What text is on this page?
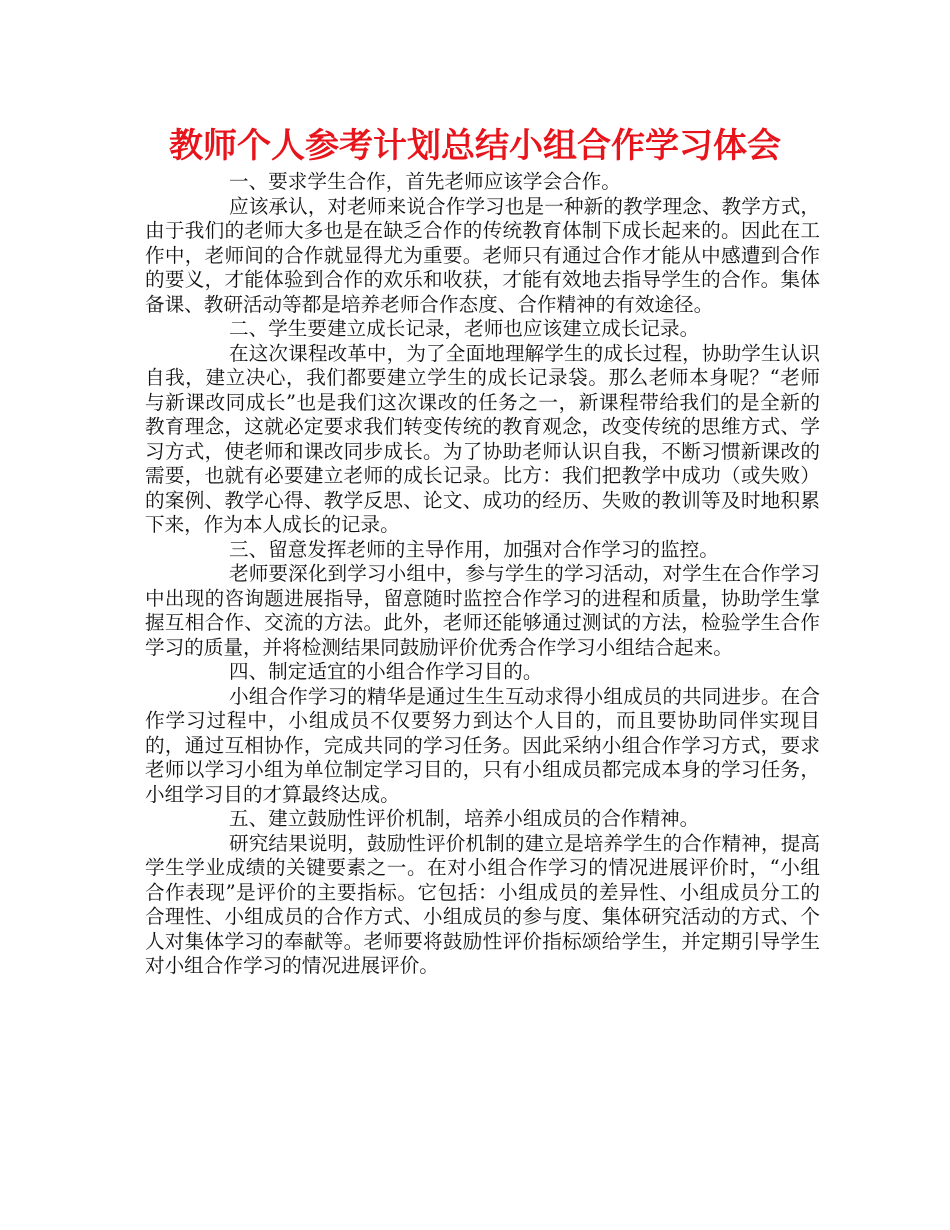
教师个人参考计划总结小组合作学习体会

一、要求学生合作，首先老师应该学会合作。

应该承认，对老师来说合作学习也是一种新的教学理念、教学方式，由于我们的老师大多也是在缺乏合作的传统教育体制下成长起来的。因此在工作中，老师间的合作就显得尤为重要。老师只有通过合作才能从中感遭到合作的要义，才能体验到合作的欢乐和收获，才能有效地去指导学生的合作。集体备课、教研活动等都是培养老师合作态度、合作精神的有效途径。

二、学生要建立成长记录，老师也应该建立成长记录。

在这次课程改革中，为了全面地理解学生的成长过程，协助学生认识自我，建立决心，我们都要建立学生的成长记录袋。那么老师本身呢？“老师与新课改同成长”也是我们这次课改的任务之一，新课程带给我们的是全新的教育理念，这就必定要求我们转变传统的教育观念，改变传统的思维方式、学习方式，使老师和课改同步成长。为了协助老师认识自我，不断习惯新课改的需要，也就有必要建立老师的成长记录。比方：我们把教学中成功（或失败）的案例、教学心得、教学反思、论文、成功的经历、失败的教训等及时地积累下来，作为本人成长的记录。

三、留意发挥老师的主导作用，加强对合作学习的监控。

老师要深化到学习小组中，参与学生的学习活动，对学生在合作学习中出现的咨询题进展指导，留意随时监控合作学习的进程和质量，协助学生掌握互相合作、交流的方法。此外，老师还能够通过测试的方法，检验学生合作学习的质量，并将检测结果同鼓励评价优秀合作学习小组结合起来。

四、制定适宜的小组合作学习目的。

小组合作学习的精华是通过生生互动求得小组成员的共同进步。在合作学习过程中，小组成员不仅要努力到达个人目的，而且要协助同伴实现目的，通过互相协作，完成共同的学习任务。因此采纳小组合作学习方式，要求老师以学习小组为单位制定学习目的，只有小组成员都完成本身的学习任务，小组学习目的才算最终达成。

五、建立鼓励性评价机制，培养小组成员的合作精神。

研究结果说明，鼓励性评价机制的建立是培养学生的合作精神，提高学生学业成绩的关键要素之一。在对小组合作学习的情况进展评价时，“小组合作表现”是评价的主要指标。它包括：小组成员的差异性、小组成员分工的合理性、小组成员的合作方式、小组成员的参与度、集体研究活动的方式、个人对集体学习的奉献等。老师要将鼓励性评价指标颂给学生，并定期引导学生对小组合作学习的情况进展评价。
